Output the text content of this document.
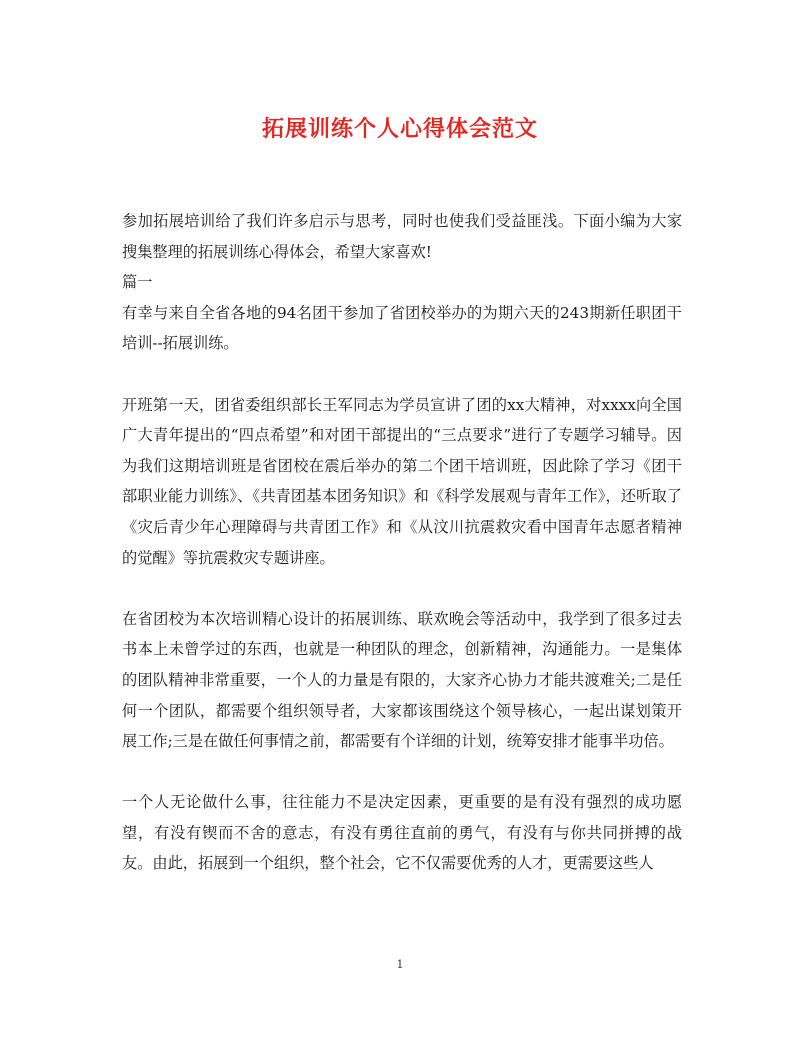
拓展训练个人心得体会范文

参加拓展培训给了我们许多启示与思考，同时也使我们受益匪浅。下面小编为大家搜集整理的拓展训练心得体会，希望大家喜欢!

篇一

有幸与来自全省各地的94名团干参加了省团校举办的为期六天的243期新任职团干培训--拓展训练。

开班第一天，团省委组织部长王军同志为学员宣讲了团的xx大精神，对xxxx向全国广大青年提出的“四点希望”和对团干部提出的“三点要求”进行了专题学习辅导。因为我们这期培训班是省团校在震后举办的第二个团干培训班，因此除了学习《团干部职业能力训练》、《共青团基本团务知识》和《科学发展观与青年工作》，还听取了《灾后青少年心理障碍与共青团工作》和《从汶川抗震救灾看中国青年志愿者精神的觉醒》等抗震救灾专题讲座。

在省团校为本次培训精心设计的拓展训练、联欢晚会等活动中，我学到了很多过去书本上未曾学过的东西，也就是一种团队的理念，创新精神，沟通能力。一是集体的团队精神非常重要，一个人的力量是有限的，大家齐心协力才能共渡难关;二是任何一个团队，都需要个组织领导者，大家都该围绕这个领导核心，一起出谋划策开展工作;三是在做任何事情之前，都需要有个详细的计划，统筹安排才能事半功倍。

一个人无论做什么事，往往能力不是决定因素，更重要的是有没有强烈的成功愿望，有没有锲而不舍的意志，有没有勇往直前的勇气，有没有与你共同拼搏的战友。由此，拓展到一个组织，整个社会，它不仅需要优秀的人才，更需要这些人

1
